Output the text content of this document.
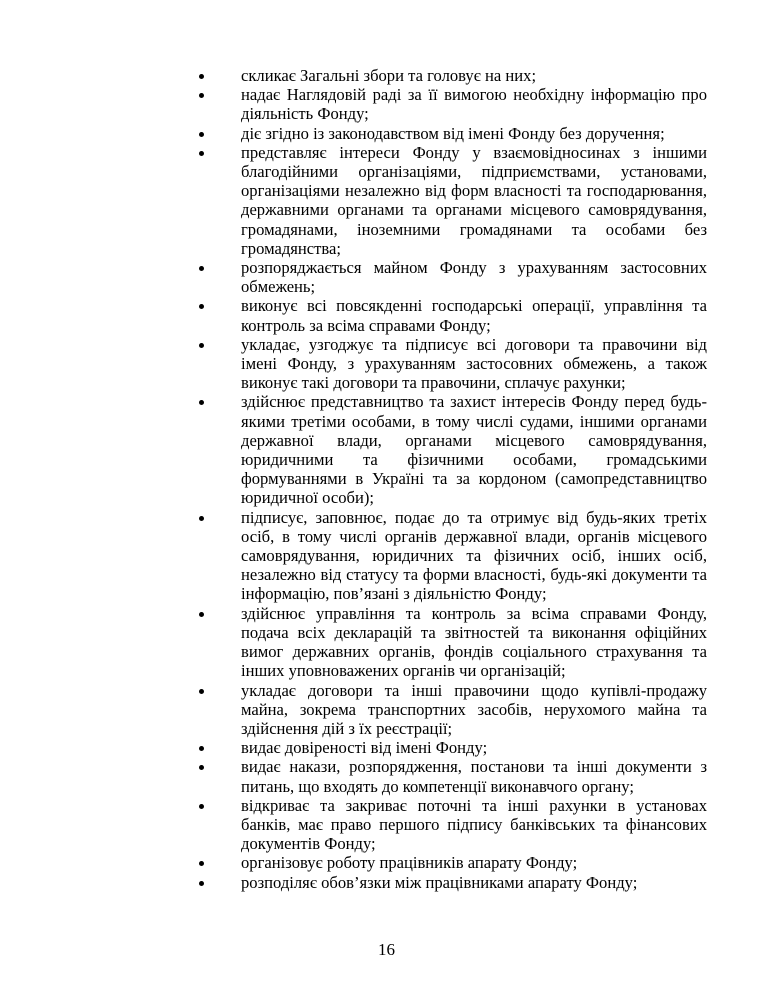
скликає Загальні збори та головує на них;
надає Наглядовій раді за її вимогою необхідну інформацію про діяльність Фонду;
діє згідно із законодавством від імені Фонду без доручення;
представляє інтереси Фонду у взаємовідносинах з іншими благодійними організаціями, підприємствами, установами, організаціями незалежно від форм власності та господарювання, державними органами та органами місцевого самоврядування, громадянами, іноземними громадянами та особами без громадянства;
розпоряджається майном Фонду з урахуванням застосовних обмежень;
виконує всі повсякденні господарські операції, управління та контроль за всіма справами Фонду;
укладає, узгоджує та підписує всі договори та правочини від імені Фонду, з урахуванням застосовних обмежень, а також виконує такі договори та правочини, сплачує рахунки;
здійснює представництво та захист інтересів Фонду перед будь-якими третіми особами, в тому числі судами, іншими органами державної влади, органами місцевого самоврядування, юридичними та фізичними особами, громадськими формуваннями в Україні та за кордоном (самопредставництво юридичної особи);
підписує, заповнює, подає до та отримує від будь-яких третіх осіб, в тому числі органів державної влади, органів місцевого самоврядування, юридичних та фізичних осіб, інших осіб, незалежно від статусу та форми власності, будь-які документи та інформацію, пов’язані з діяльністю Фонду;
здійснює управління та контроль за всіма справами Фонду, подача всіх декларацій та звітностей та виконання офіційних вимог державних органів, фондів соціального страхування та інших уповноважених органів чи організацій;
укладає договори та інші правочини щодо купівлі-продажу майна, зокрема транспортних засобів, нерухомого майна та здійснення дій з їх реєстрації;
видає довіреності від імені Фонду;
видає накази, розпорядження, постанови та інші документи з питань, що входять до компетенції виконавчого органу;
відкриває та закриває поточні та інші рахунки в установах банків, має право першого підпису банківських та фінансових документів Фонду;
організовує роботу працівників апарату Фонду;
розподіляє обов’язки між працівниками апарату Фонду;
16
